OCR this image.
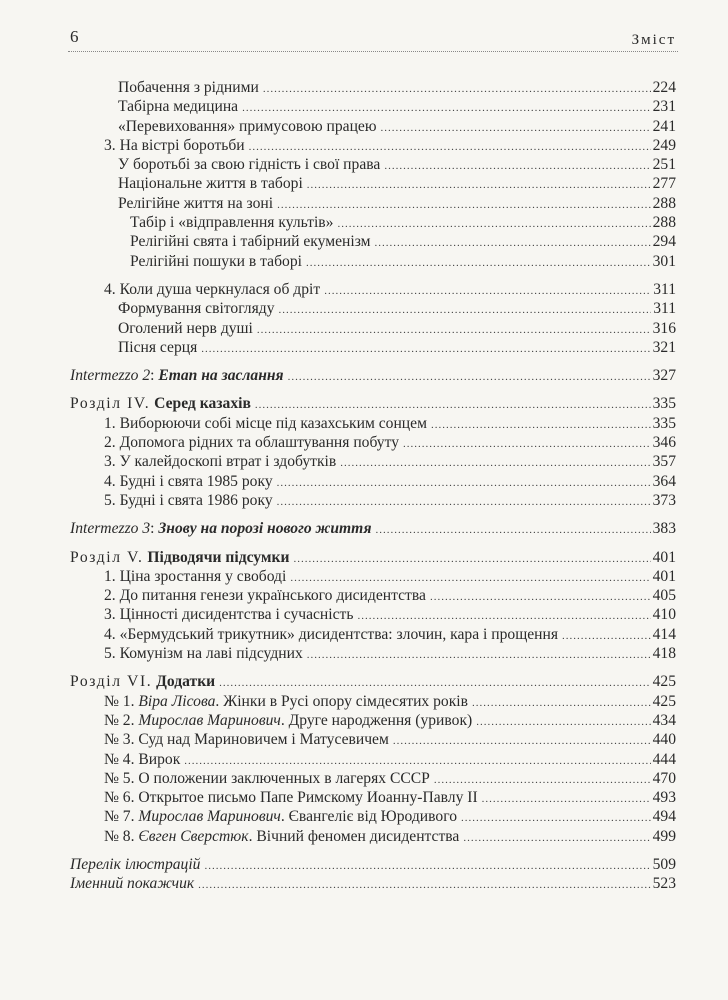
6	Зміст
Побачення з рідними .....	224
Табірна медицина .....	231
«Перевиховання» примусовою працею .....	241
3. На вістрі боротьби .....	249
У боротьбі за свою гідність і свої права .....	251
Національне життя в таборі .....	277
Релігійне життя на зоні .....	288
Табір і «відправлення культів» .....	288
Релігійні свята і табірний екуменізм .....	294
Релігійні пошуки в таборі .....	301
4. Коли душа черкнулася об дріт .....	311
Формування світогляду .....	311
Оголений нерв душі .....	316
Пісня серця .....	321
Intermezzo 2: Етап на заслання .....	327
Розділ IV. Серед казахів .....	335
1. Виборюючи собі місце під казахським сонцем .....	335
2. Допомога рідних та облаштування побуту .....	346
3. У калейдоскопі втрат і здобутків .....	357
4. Будні і свята 1985 року .....	364
5. Будні і свята 1986 року .....	373
Intermezzo 3: Знову на порозі нового життя .....	383
Розділ V. Підводячи підсумки .....	401
1. Ціна зростання у свободі .....	401
2. До питання генези українського дисидентства .....	405
3. Цінності дисидентства і сучасність .....	410
4. «Бермудський трикутник» дисидентства: злочин, кара і прощення .....	414
5. Комунізм на лаві підсудних .....	418
Розділ VI. Додатки .....	425
№ 1. Віра Лісова. Жінки в Русі опору сімдесятих років .....	425
№ 2. Мирослав Маринович. Друге народження (уривок) .....	434
№ 3. Суд над Мариновичем і Матусевичем .....	440
№ 4. Вирок .....	444
№ 5. О положении заключенных в лагерях СССР .....	470
№ 6. Открытое письмо Папе Римскому Иоанну-Павлу II .....	493
№ 7. Мирослав Маринович. Євангеліє від Юродивого .....	494
№ 8. Євген Сверстюк. Вічний феномен дисидентства .....	499
Перелік ілюстрацій .....	509
Іменний покажчик .....	523
